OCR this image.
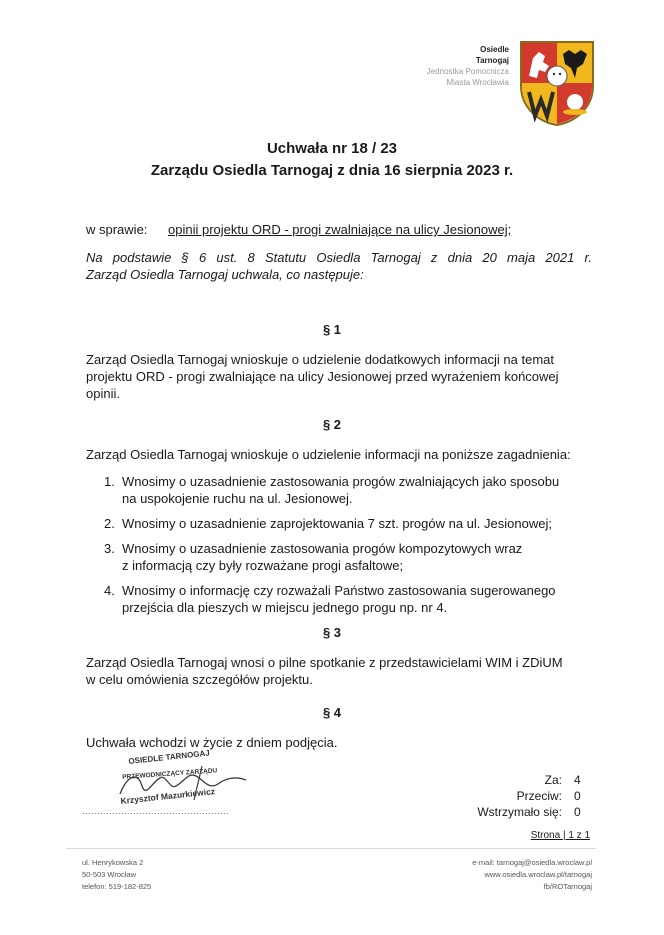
Osiedle
Tarnogaj
Jednostka Pomocnicza
Miasta Wrocławia
Uchwała nr 18 / 23
Zarządu Osiedla Tarnogaj z dnia 16 sierpnia 2023 r.
w sprawie: opinii projektu ORD - progi zwalniające na ulicy Jesionowej;
Na podstawie § 6 ust. 8 Statutu Osiedla Tarnogaj z dnia 20 maja 2021 r.
Zarząd Osiedla Tarnogaj uchwala, co następuje:
§ 1
Zarząd Osiedla Tarnogaj wnioskuje o udzielenie dodatkowych informacji na temat
projektu ORD - progi zwalniające na ulicy Jesionowej przed wyrażeniem końcowej
opinii.
§ 2
Zarząd Osiedla Tarnogaj wnioskuje o udzielenie informacji na poniższe zagadnienia:
1. Wnosimy o uzasadnienie zastosowania progów zwalniających jako sposobu
na uspokojenie ruchu na ul. Jesionowej.
2. Wnosimy o uzasadnienie zaprojektowania 7 szt. progów na ul. Jesionowej;
3. Wnosimy o uzasadnienie zastosowania progów kompozytowych wraz
z informacją czy były rozważane progi asfaltowe;
4. Wnosimy o informację czy rozważali Państwo zastosowania sugerowanego
przejścia dla pieszych w miejscu jednego progu np. nr 4.
§ 3
Zarząd Osiedla Tarnogaj wnosi o pilne spotkanie z przedstawicielami WIM i ZDiUM
w celu omówienia szczegółów projektu.
§ 4
Uchwała wchodzi w życie z dniem podjęcia.
OSIEDLE TARNOGAJ
PRZEWODNICZĄCY ZARZĄDU
Krzysztof Mazurkiewicz
.................................................
Za:	4
Przeciw:	0
Wstrzymało się:	0
Strona | 1 z 1
ul. Henrykowska 2
50-503 Wrocław
telefon: 519-182-825
e-mail: tarnogaj@osiedla.wroclaw.pl
www.osiedla.wroclaw.pl/tarnogaj
fb/ROTarnogaj
